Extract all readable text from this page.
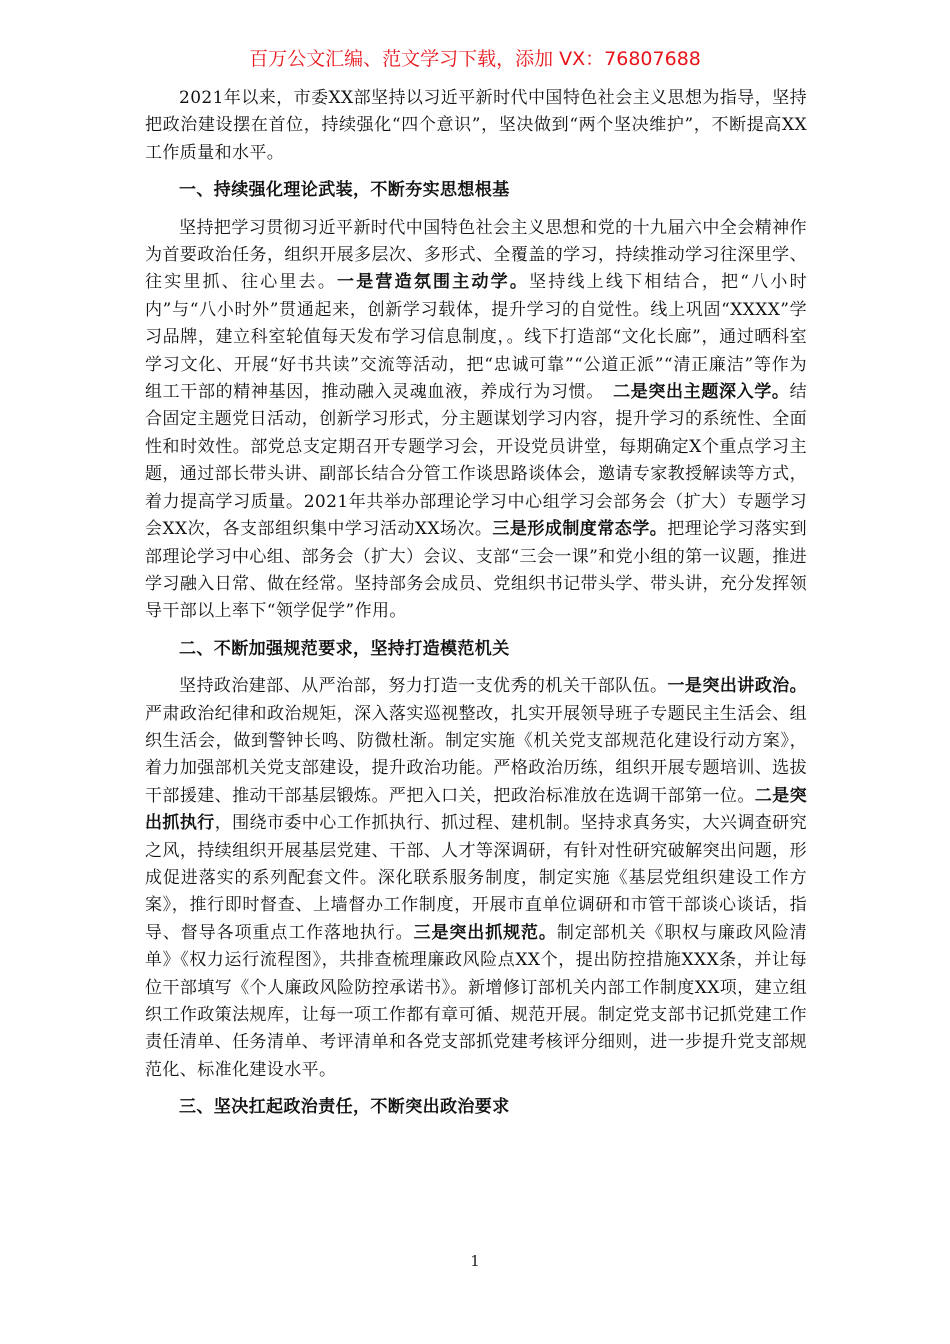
百万公文汇编、范文学习下载，添加 VX：76807688

2021年以来，市委XX部坚持以习近平新时代中国特色社会主义思想为指导，坚持把政治建设摆在首位，持续强化“四个意识”，坚决做到“两个坚决维护”，不断提高XX工作质量和水平。

一、持续强化理论武装，不断夯实思想根基

坚持把学习贯彻习近平新时代中国特色社会主义思想和党的十九届六中全会精神作为首要政治任务，组织开展多层次、多形式、全覆盖的学习，持续推动学习往深里学、往实里抓、往心里去。一是营造氛围主动学。坚持线上线下相结合，把“八小时内”与“八小时外”贯通起来，创新学习载体，提升学习的自觉性。线上巩固“XXXX”学习品牌，建立科室轮值每天发布学习信息制度，。线下打造部“文化长廊”，通过晒科室学习文化、开展“好书共读”交流等活动，把“忠诚可靠”“公道正派”“清正廉洁”等作为组工干部的精神基因，推动融入灵魂血液，养成行为习惯。　二是突出主题深入学。结合固定主题党日活动，创新学习形式，分主题谋划学习内容，提升学习的系统性、全面性和时效性。部党总支定期召开专题学习会，开设党员讲堂，每期确定X个重点学习主题，通过部长带头讲、副部长结合分管工作谈思路谈体会，邀请专家教授解读等方式，着力提高学习质量。2021年共举办部理论学习中心组学习会部务会（扩大）专题学习会XX次，各支部组织集中学习活动XX场次。三是形成制度常态学。把理论学习落实到部理论学习中心组、部务会（扩大）会议、支部“三会一课”和党小组的第一议题，推进学习融入日常、做在经常。坚持部务会成员、党组织书记带头学、带头讲，充分发挥领导干部以上率下“领学促学”作用。

二、不断加强规范要求，坚持打造模范机关

坚持政治建部、从严治部，努力打造一支优秀的机关干部队伍。一是突出讲政治。严肃政治纪律和政治规矩，深入落实巡视整改，扎实开展领导班子专题民主生活会、组织生活会，做到警钟长鸣、防微杜渐。制定实施《机关党支部规范化建设行动方案》，着力加强部机关党支部建设，提升政治功能。严格政治历练，组织开展专题培训、选拔干部援建、推动干部基层锻炼。严把入口关，把政治标准放在选调干部第一位。二是突出抓执行，围绕市委中心工作抓执行、抓过程、建机制。坚持求真务实，大兴调查研究之风，持续组织开展基层党建、干部、人才等深调研，有针对性研究破解突出问题，形成促进落实的系列配套文件。深化联系服务制度，制定实施《基层党组织建设工作方案》，推行即时督查、上墙督办工作制度，开展市直单位调研和市管干部谈心谈话，指导、督导各项重点工作落地执行。三是突出抓规范。制定部机关《职权与廉政风险清单》《权力运行流程图》，共排查梳理廉政风险点XX个，提出防控措施XXX条，并让每位干部填写《个人廉政风险防控承诺书》。新增修订部机关内部工作制度XX项，建立组织工作政策法规库，让每一项工作都有章可循、规范开展。制定党支部书记抓党建工作责任清单、任务清单、考评清单和各党支部抓党建考核评分细则，进一步提升党支部规范化、标准化建设水平。

三、坚决扛起政治责任，不断突出政治要求
1
